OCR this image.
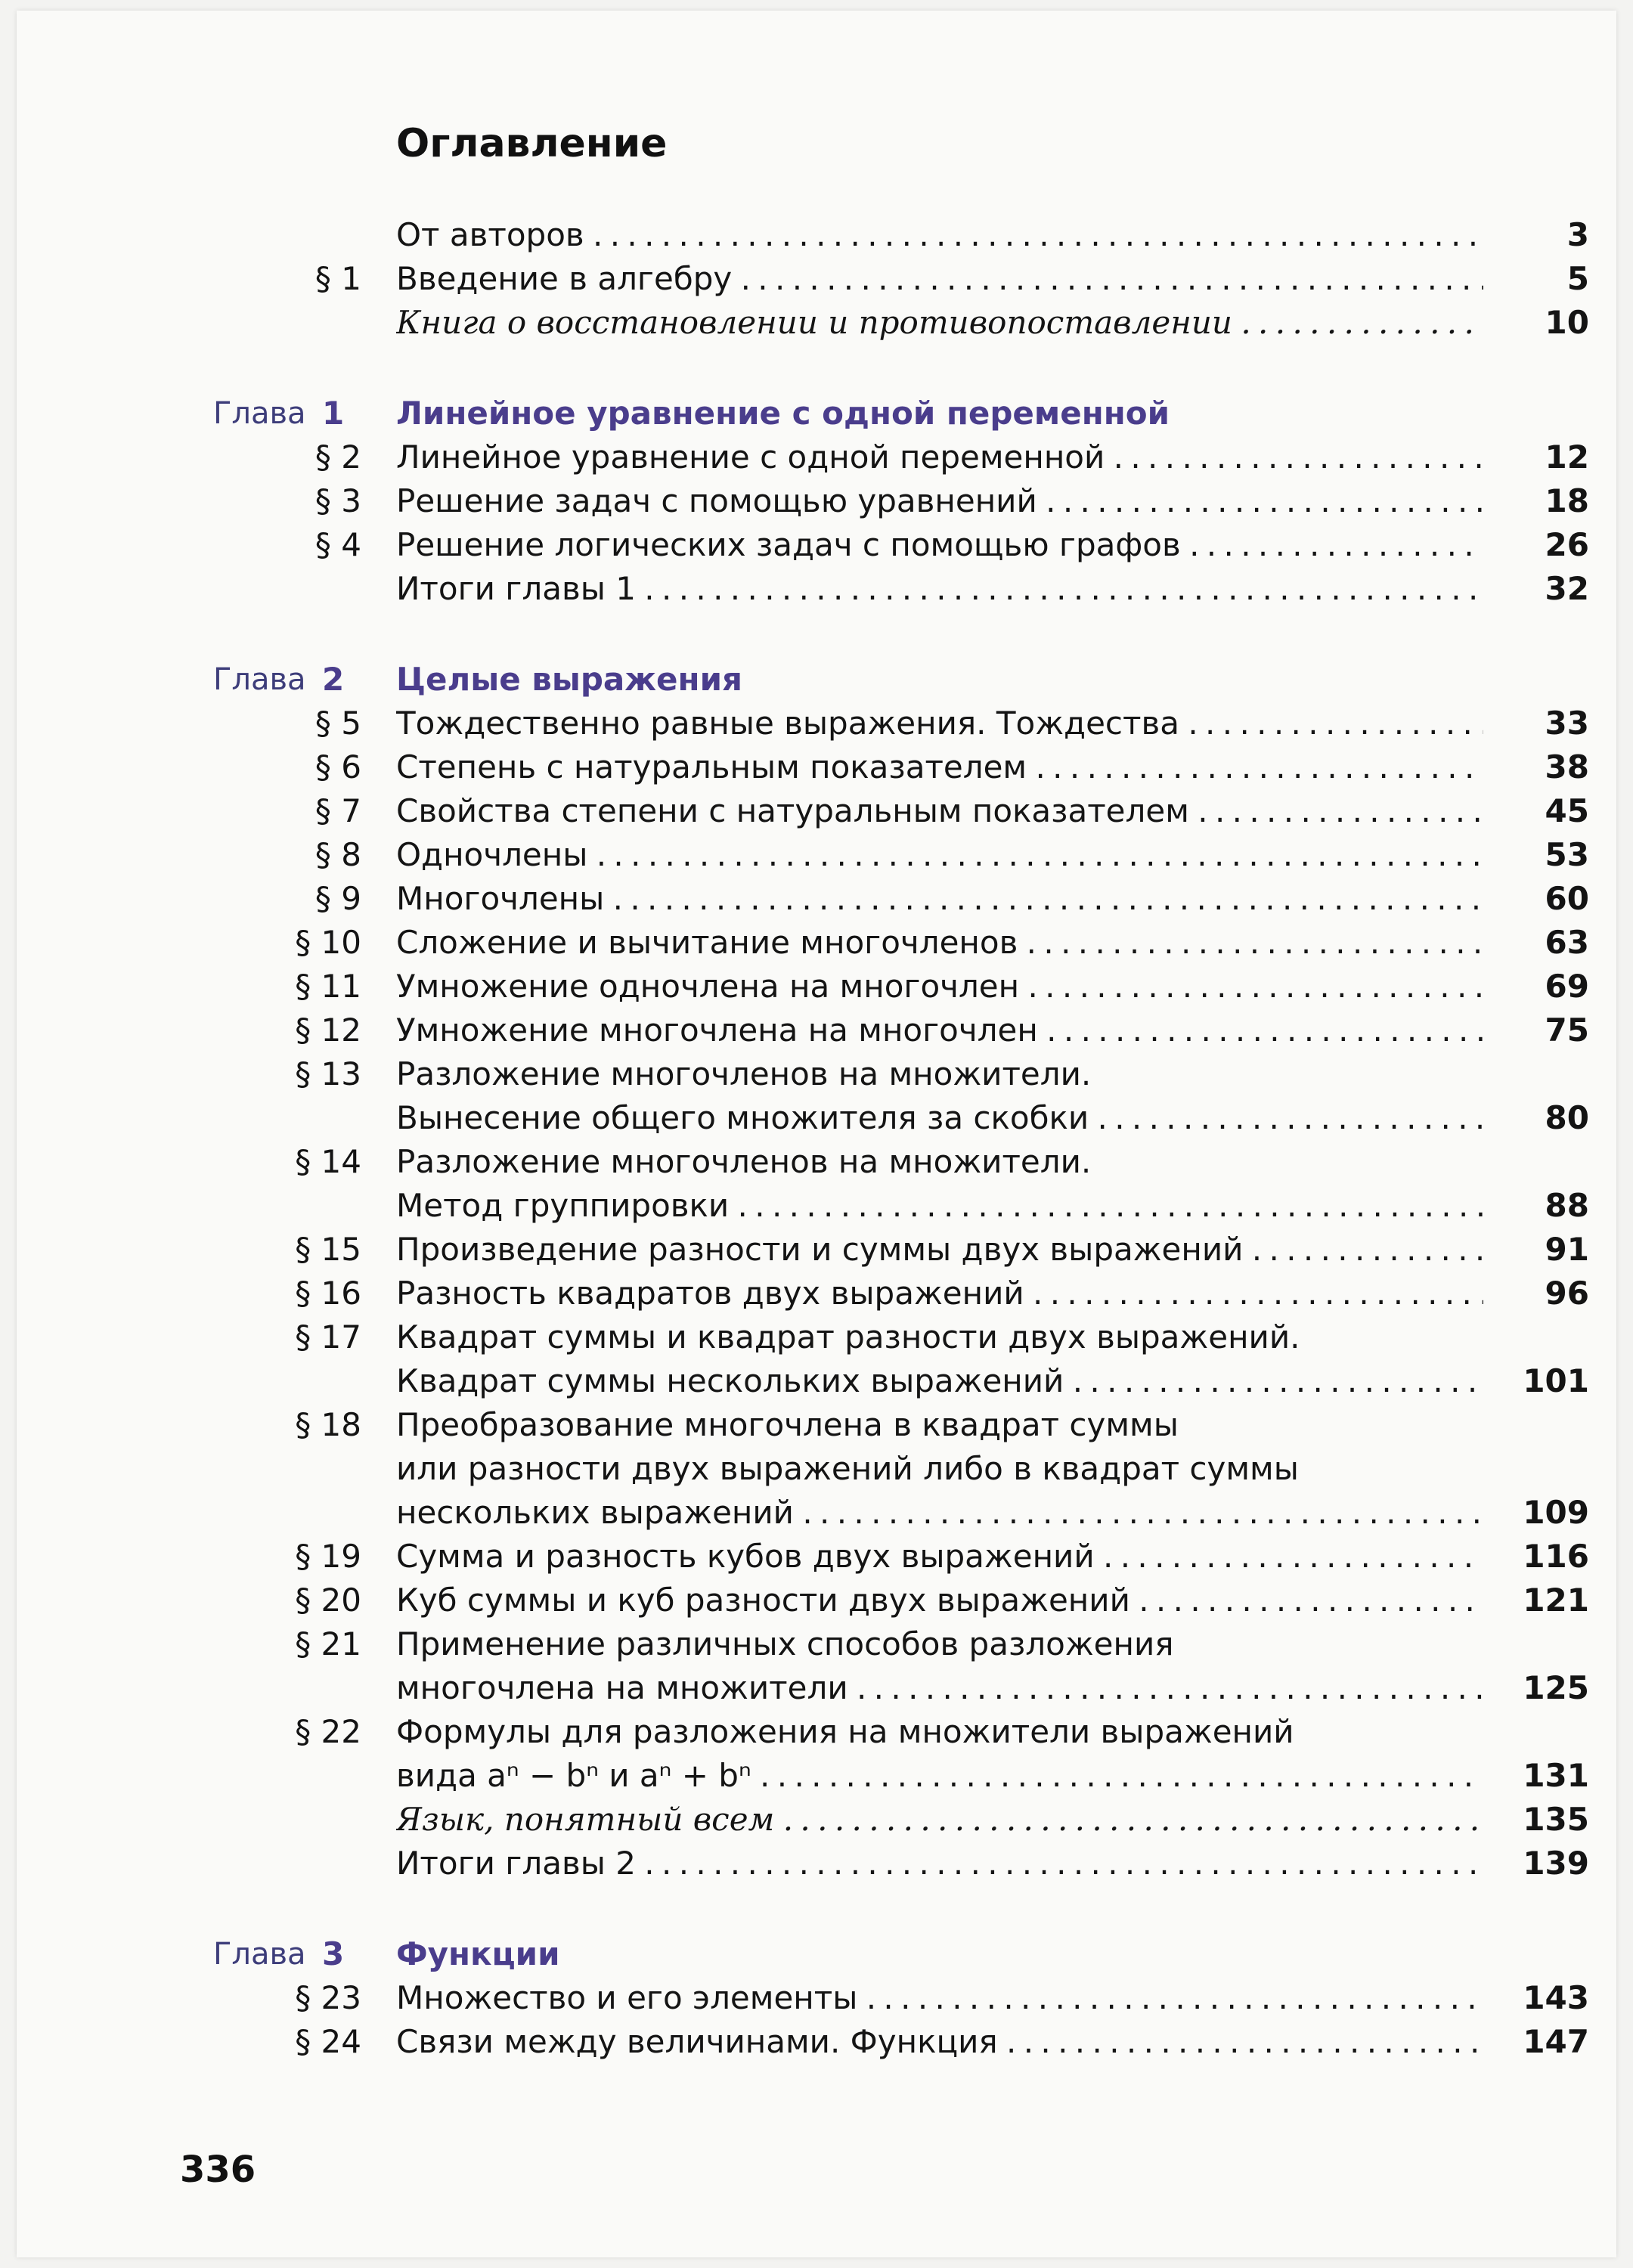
Оглавление
От авторов . . .	3
§ 1 Введение в алгебру . . .	5
Книга о восстановлении и противопоставлении . . .	10
Глава 1 Линейное уравнение с одной переменной
§ 2 Линейное уравнение с одной переменной . . .	12
§ 3 Решение задач с помощью уравнений . . .	18
§ 4 Решение логических задач с помощью графов . . .	26
Итоги главы 1 . . .	32
Глава 2 Целые выражения
§ 5 Тождественно равные выражения. Тождества . . .	33
§ 6 Степень с натуральным показателем . . .	38
§ 7 Свойства степени с натуральным показателем . . .	45
§ 8 Одночлены . . .	53
§ 9 Многочлены . . .	60
§ 10 Сложение и вычитание многочленов . . .	63
§ 11 Умножение одночлена на многочлен . . .	69
§ 12 Умножение многочлена на многочлен . . .	75
§ 13 Разложение многочленов на множители.
Вынесение общего множителя за скобки . . .	80
§ 14 Разложение многочленов на множители.
Метод группировки . . .	88
§ 15 Произведение разности и суммы двух выражений . . .	91
§ 16 Разность квадратов двух выражений . . .	96
§ 17 Квадрат суммы и квадрат разности двух выражений.
Квадрат суммы нескольких выражений . . .	101
§ 18 Преобразование многочлена в квадрат суммы
или разности двух выражений либо в квадрат суммы
нескольких выражений . . .	109
§ 19 Сумма и разность кубов двух выражений . . .	116
§ 20 Куб суммы и куб разности двух выражений . . .	121
§ 21 Применение различных способов разложения
многочлена на множители . . .	125
§ 22 Формулы для разложения на множители выражений
вида aⁿ − bⁿ и aⁿ + bⁿ . . .	131
Язык, понятный всем . . .	135
Итоги главы 2 . . .	139
Глава 3 Функции
§ 23 Множество и его элементы . . .	143
§ 24 Связи между величинами. Функция . . .	147
336
